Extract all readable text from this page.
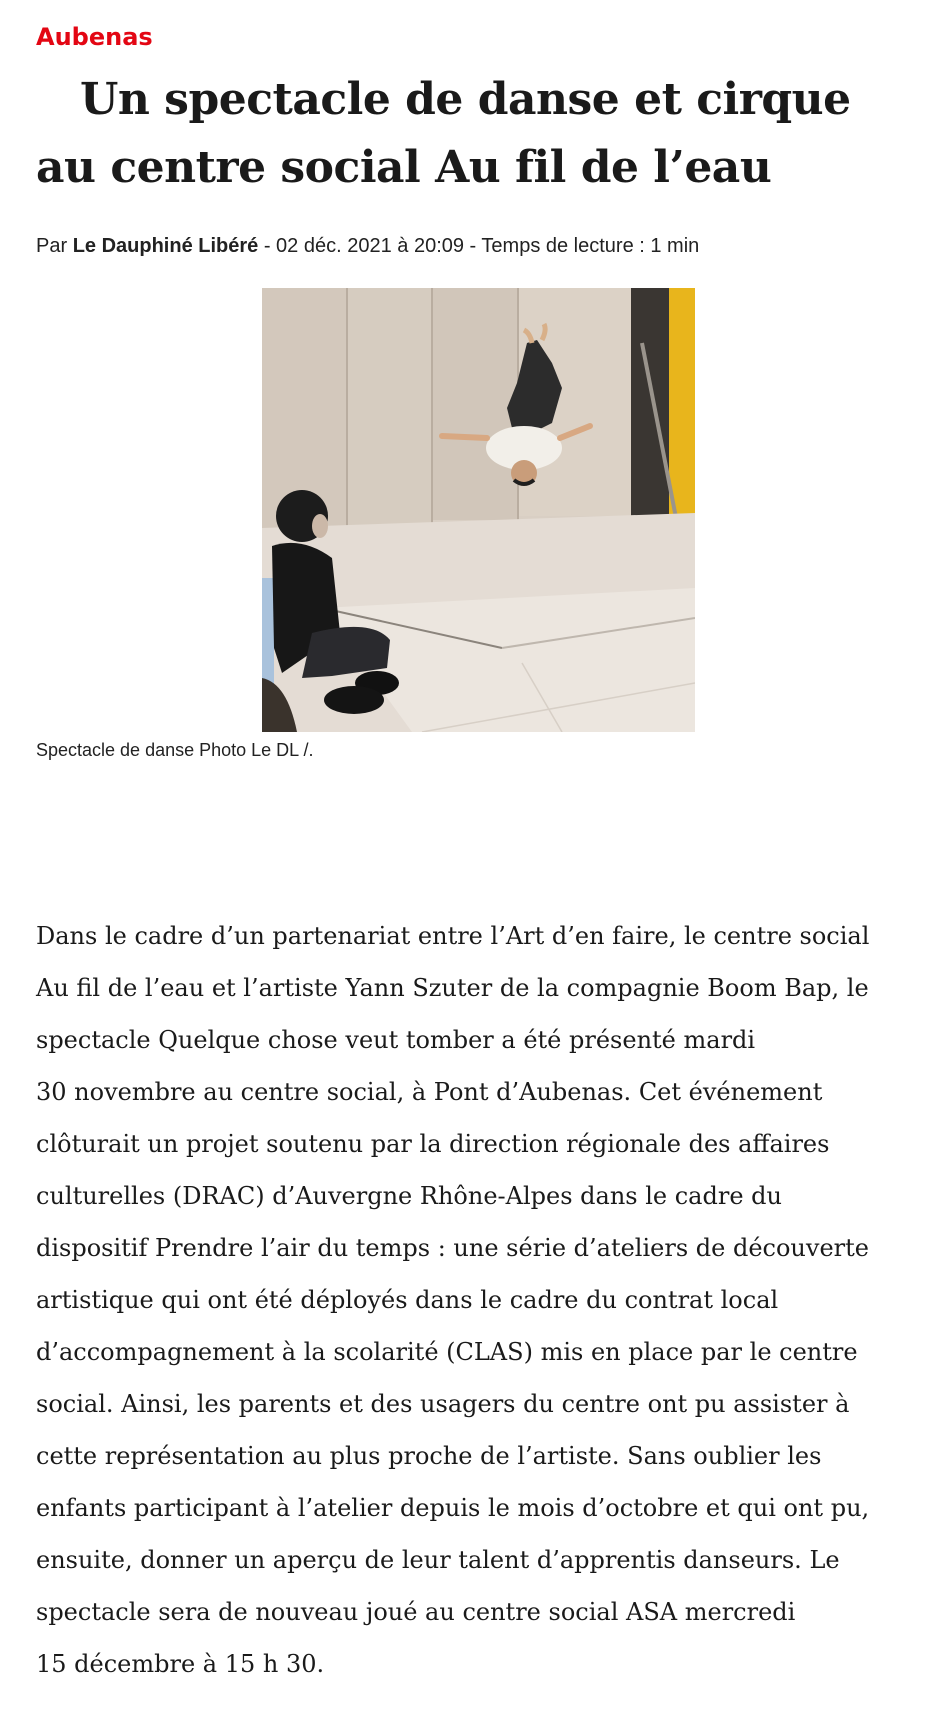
Aubenas
Un spectacle de danse et cirque au centre social Au fil de l’eau
Par Le Dauphiné Libéré - 02 déc. 2021 à 20:09 - Temps de lecture : 1 min
Spectacle de danse Photo Le DL /.
Dans le cadre d’un partenariat entre l’Art d’en faire, le centre social
Au fil de l’eau et l’artiste Yann Szuter de la compagnie Boom Bap, le
spectacle Quelque chose veut tomber a été présenté mardi
30 novembre au centre social, à Pont d’Aubenas. Cet événement
clôturait un projet soutenu par la direction régionale des affaires
culturelles (DRAC) d’Auvergne Rhône-Alpes dans le cadre du
dispositif Prendre l’air du temps : une série d’ateliers de découverte
artistique qui ont été déployés dans le cadre du contrat local
d’accompagnement à la scolarité (CLAS) mis en place par le centre
social. Ainsi, les parents et des usagers du centre ont pu assister à
cette représentation au plus proche de l’artiste. Sans oublier les
enfants participant à l’atelier depuis le mois d’octobre et qui ont pu,
ensuite, donner un aperçu de leur talent d’apprentis danseurs. Le
spectacle sera de nouveau joué au centre social ASA mercredi
15 décembre à 15 h 30.
